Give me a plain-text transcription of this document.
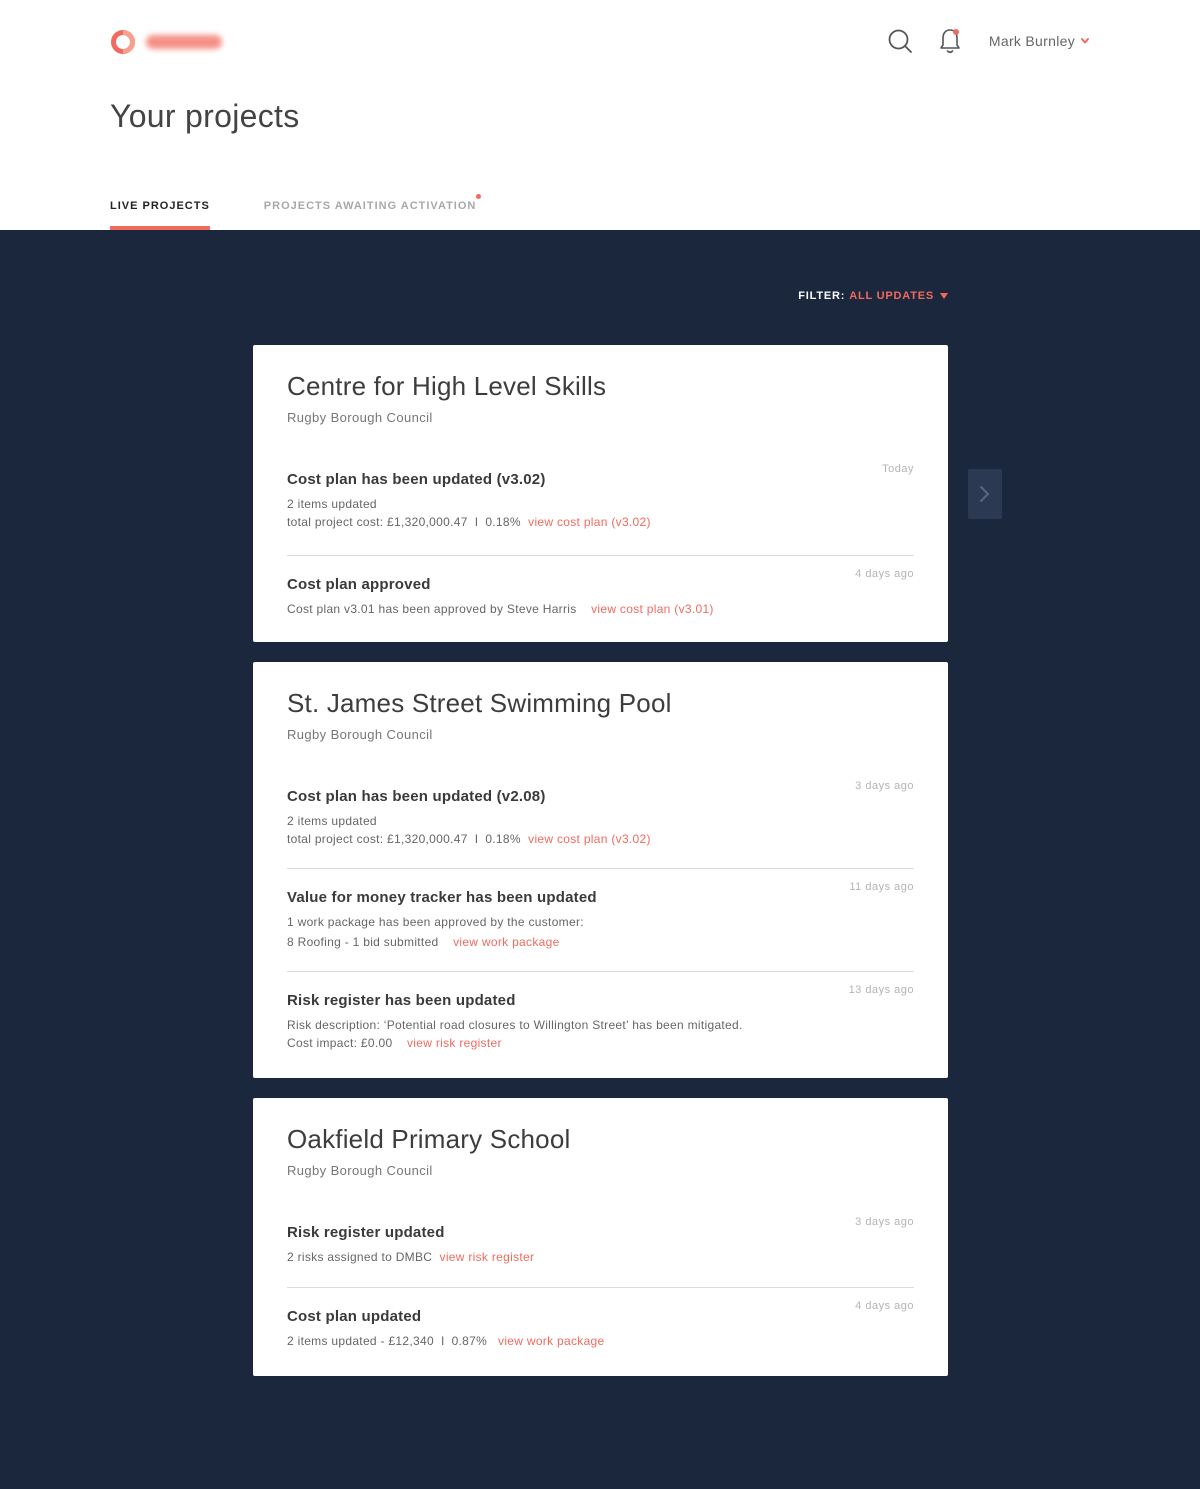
Mark Burnley
Your projects
LIVE PROJECTS	PROJECTS AWAITING ACTIVATION
FILTER: ALL UPDATES
Centre for High Level Skills
Rugby Borough Council
Today
Cost plan has been updated (v3.02)
2 items updated
total project cost: £1,320,000.47 I 0.18% view cost plan (v3.02)
4 days ago
Cost plan approved
Cost plan v3.01 has been approved by Steve Harris view cost plan (v3.01)
St. James Street Swimming Pool
Rugby Borough Council
3 days ago
Cost plan has been updated (v2.08)
2 items updated
total project cost: £1,320,000.47 I 0.18% view cost plan (v3.02)
11 days ago
Value for money tracker has been updated
1 work package has been approved by the customer:
8 Roofing - 1 bid submitted view work package
13 days ago
Risk register has been updated
Risk description: ‘Potential road closures to Willington Street’ has been mitigated.
Cost impact: £0.00 view risk register
Oakfield Primary School
Rugby Borough Council
3 days ago
Risk register updated
2 risks assigned to DMBC view risk register
4 days ago
Cost plan updated
2 items updated - £12,340 I 0.87% view work package
